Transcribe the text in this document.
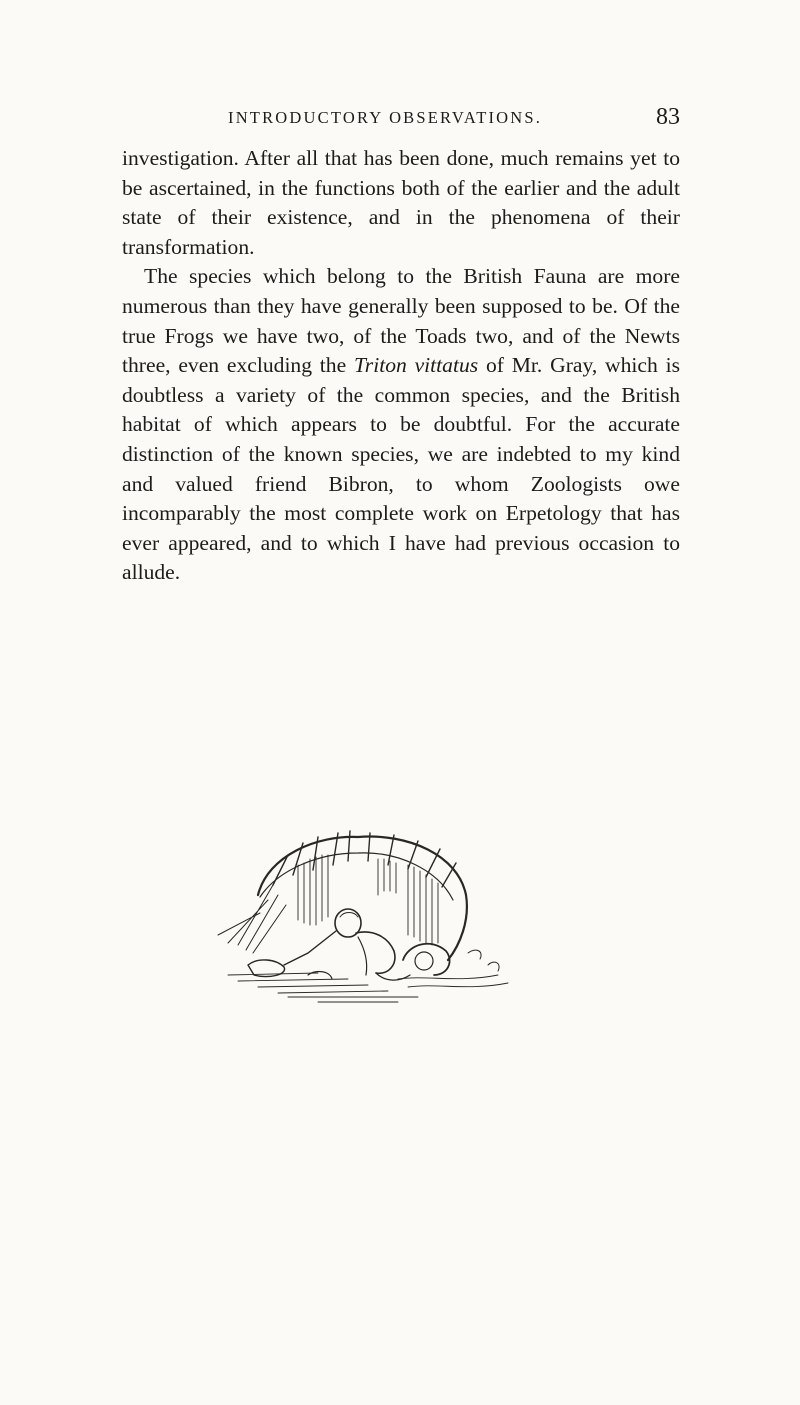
INTRODUCTORY OBSERVATIONS.	83

investigation. After all that has been done, much remains yet to be ascertained, in the functions both of the earlier and the adult state of their existence, and in the phenomena of their transformation.

The species which belong to the British Fauna are more numerous than they have generally been supposed to be. Of the true Frogs we have two, of the Toads two, and of the Newts three, even excluding the Triton vittatus of Mr. Gray, which is doubtless a variety of the common species, and the British habitat of which appears to be doubtful. For the accurate distinction of the known species, we are indebted to my kind and valued friend Bibron, to whom Zoologists owe incomparably the most complete work on Erpetology that has ever appeared, and to which I have had previous occasion to allude.
